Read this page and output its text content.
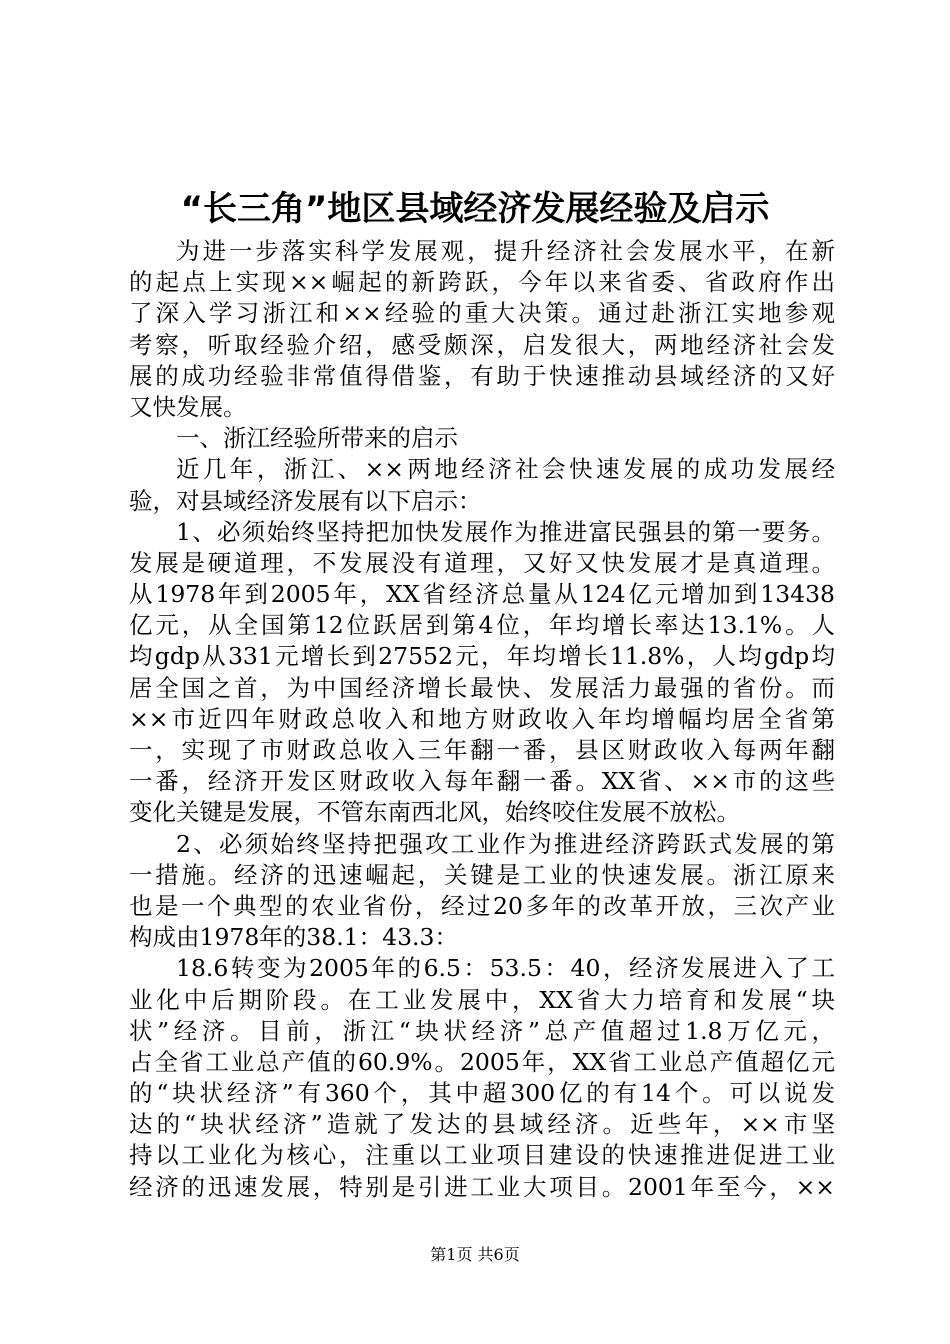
“长三角”地区县域经济发展经验及启示
为进一步落实科学发展观，提升经济社会发展水平，在新
的起点上实现××崛起的新跨跃，今年以来省委、省政府作出
了深入学习浙江和××经验的重大决策。通过赴浙江实地参观
考察，听取经验介绍，感受颇深，启发很大，两地经济社会发
展的成功经验非常值得借鉴，有助于快速推动县域经济的又好
又快发展。
一、浙江经验所带来的启示
近几年，浙江、××两地经济社会快速发展的成功发展经
验，对县域经济发展有以下启示：
1、必须始终坚持把加快发展作为推进富民强县的第一要务。
发展是硬道理，不发展没有道理，又好又快发展才是真道理。
从1978年到2005年，XX省经济总量从124亿元增加到13438
亿元，从全国第12位跃居到第4位，年均增长率达13.1%。人
均gdp从331元增长到27552元，年均增长11.8%，人均gdp均
居全国之首，为中国经济增长最快、发展活力最强的省份。而
××市近四年财政总收入和地方财政收入年均增幅均居全省第
一，实现了市财政总收入三年翻一番，县区财政收入每两年翻
一番，经济开发区财政收入每年翻一番。XX省、××市的这些
变化关键是发展，不管东南西北风，始终咬住发展不放松。
2、必须始终坚持把强攻工业作为推进经济跨跃式发展的第
一措施。经济的迅速崛起，关键是工业的快速发展。浙江原来
也是一个典型的农业省份，经过20多年的改革开放，三次产业
构成由1978年的38.1：43.3：
18.6转变为2005年的6.5：53.5：40，经济发展进入了工
业化中后期阶段。在工业发展中，XX省大力培育和发展“块
状”经济。目前，浙江“块状经济”总产值超过1.8万亿元，
占全省工业总产值的60.9%。2005年，XX省工业总产值超亿元
的“块状经济”有360个，其中超300亿的有14个。可以说发
达的“块状经济”造就了发达的县域经济。近些年，××市坚
持以工业化为核心，注重以工业项目建设的快速推进促进工业
经济的迅速发展，特别是引进工业大项目。2001年至今，××
第1页 共6页
